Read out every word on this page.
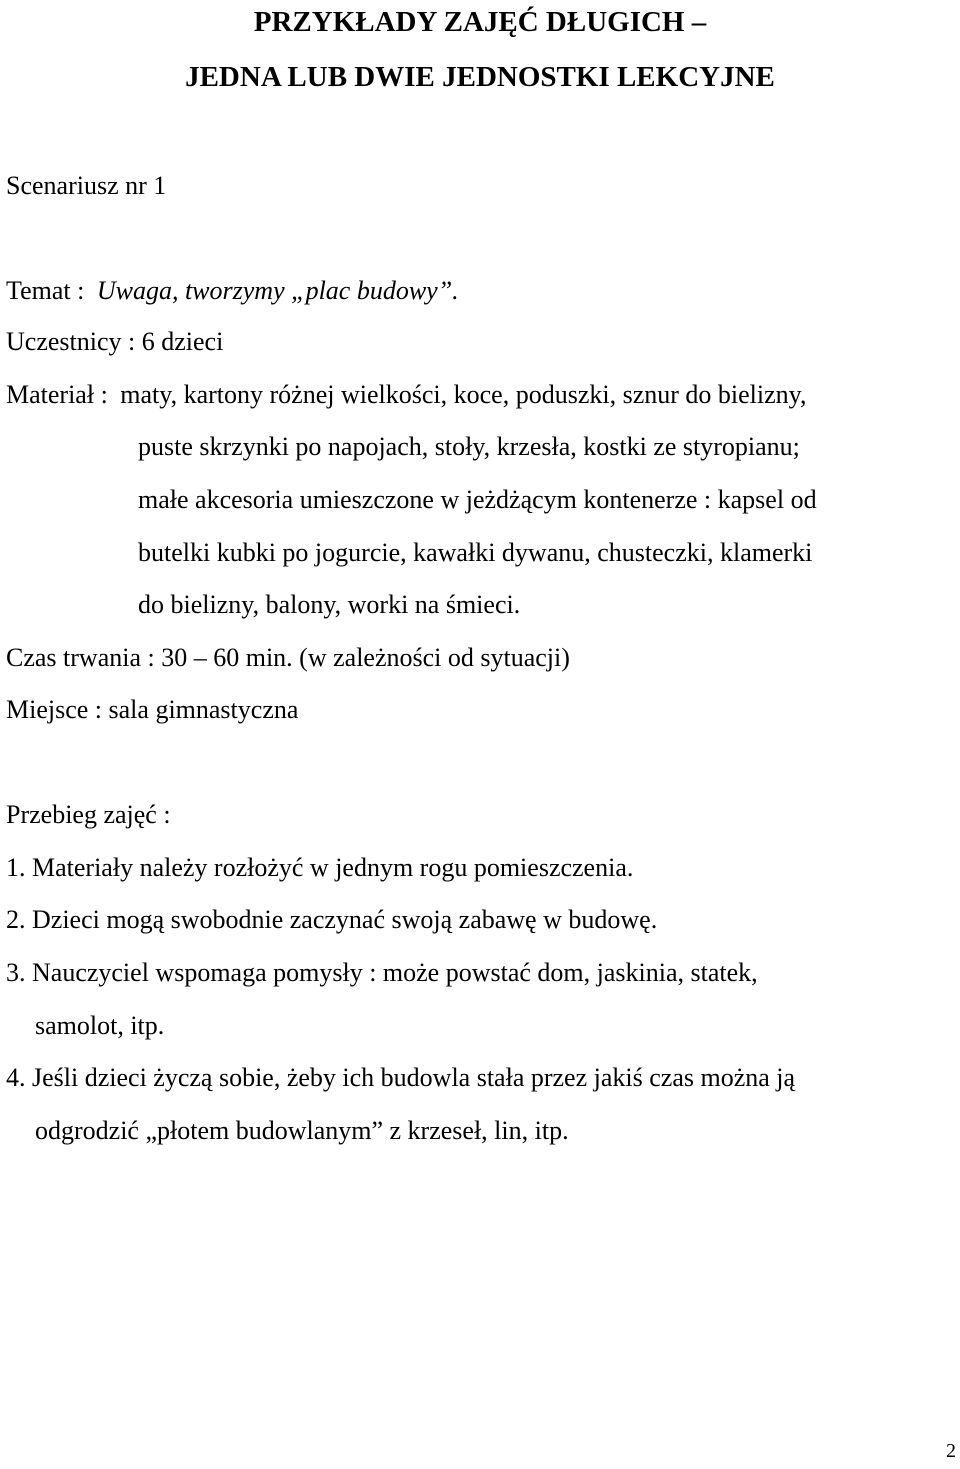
PRZYKŁADY ZAJĘĆ DŁUGICH –
JEDNA LUB DWIE JEDNOSTKI LEKCYJNE
Scenariusz nr 1
Temat : Uwaga, tworzymy „plac budowy”.
Uczestnicy : 6 dzieci
Materiał : maty, kartony różnej wielkości, koce, poduszki, sznur do bielizny,
puste skrzynki po napojach, stoły, krzesła, kostki ze styropianu;
małe akcesoria umieszczone w jeżdżącym kontenerze : kapsel od
butelki kubki po jogurcie, kawałki dywanu, chusteczki, klamerki
do bielizny, balony, worki na śmieci.
Czas trwania : 30 – 60 min. (w zależności od sytuacji)
Miejsce : sala gimnastyczna
Przebieg zajęć :
1. Materiały należy rozłożyć w jednym rogu pomieszczenia.
2. Dzieci mogą swobodnie zaczynać swoją zabawę w budowę.
3. Nauczyciel wspomaga pomysły : może powstać dom, jaskinia, statek,
samolot, itp.
4. Jeśli dzieci życzą sobie, żeby ich budowla stała przez jakiś czas można ją
odgrodzić „płotem budowlanym” z krzeseł, lin, itp.
2
